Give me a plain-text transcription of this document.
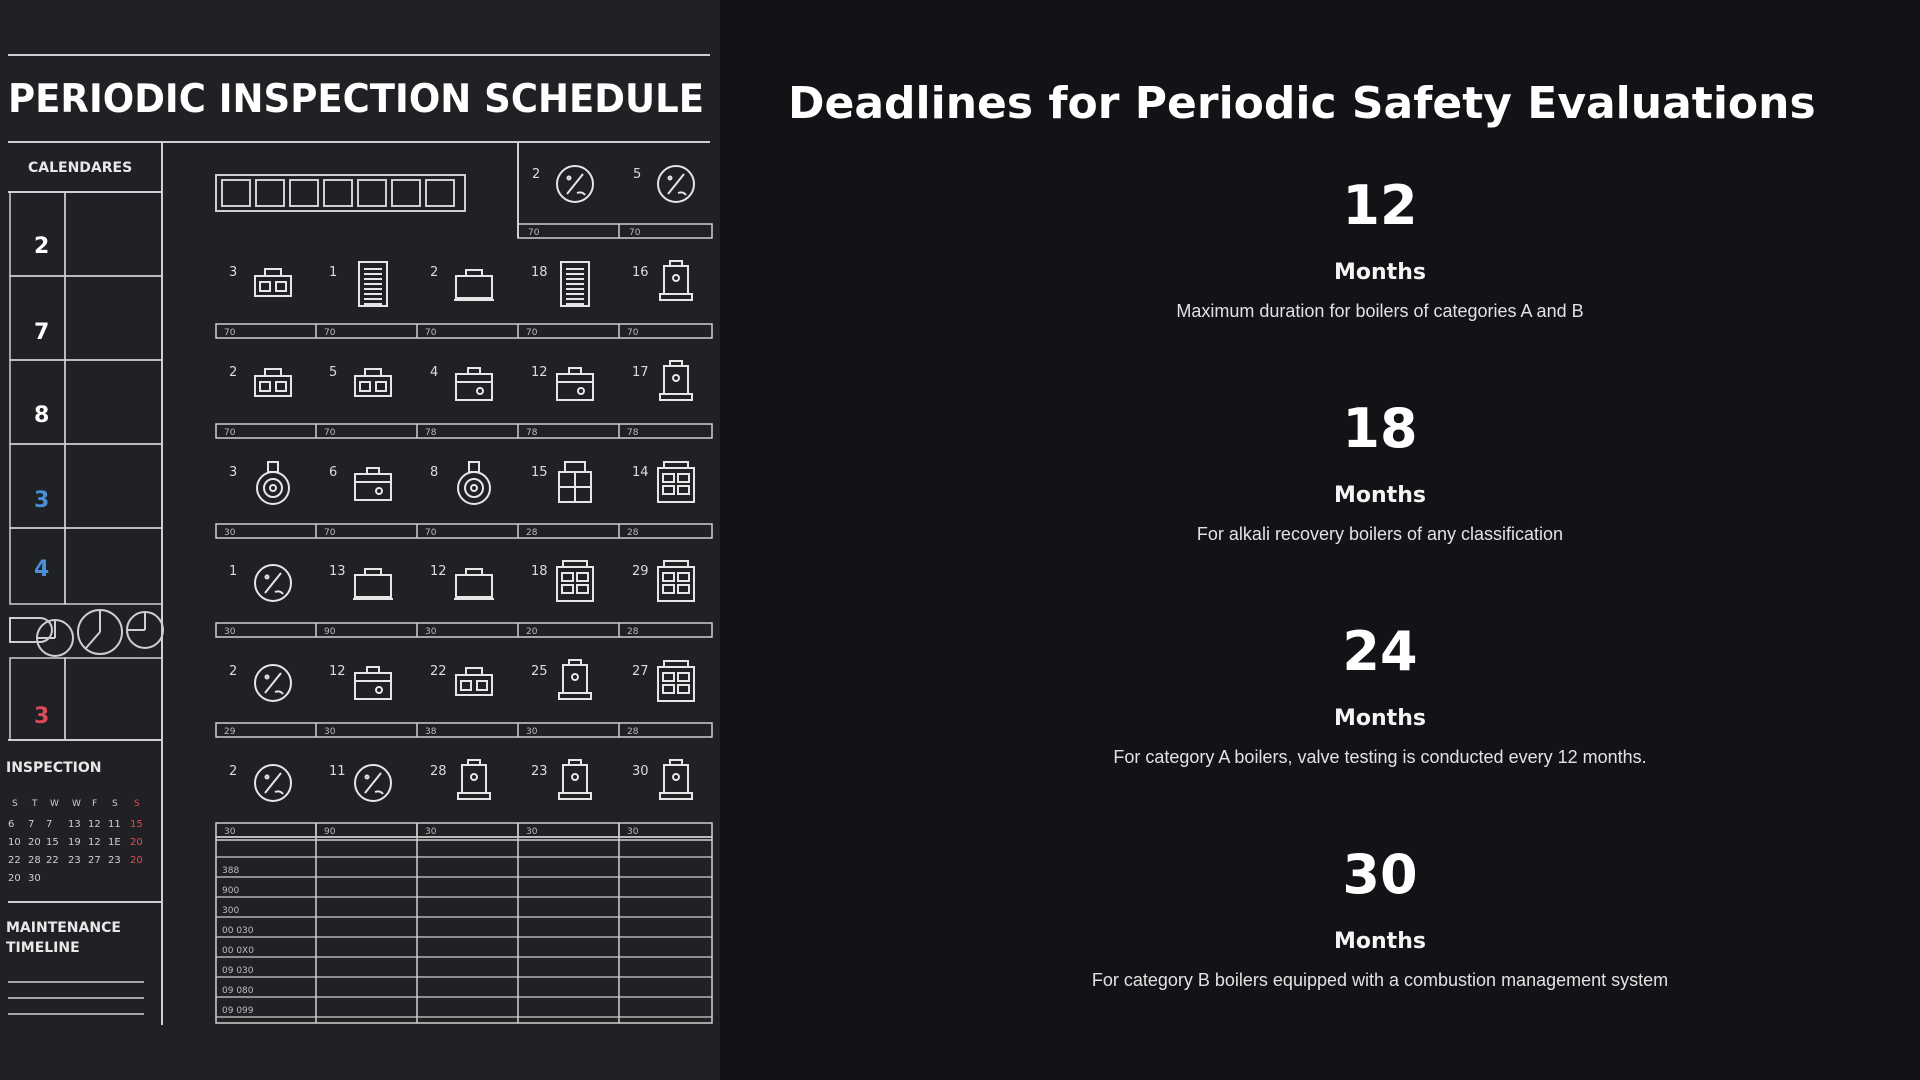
PERIODIC INSPECTION SCHEDULE
CALENDARES
2
7
8
3
4
3
INSPECTION
S T W W F S S
6 7 7 13 12 11 15
10 20 15 19 12 1E 20
22 28 22 23 27 23 20
20 30
MAINTENANCE
TIMELINE
2	5
70	70
3	1	2	18	16
70	70	70	70	70
2	5	4	12	17
70	70	78	78	78
3	6	8	15	14
30	70	70	28	28
1	13	12	18	29
30	90	30	20	28
2	12	22	25	27
29	30	38	30	28
2	11	28	23	30
30	90	30	30	30
388
900
300
00 030
00 0X0
09 030
09 080
09 099
Deadlines for Periodic Safety Evaluations
12
Months
Maximum duration for boilers of categories A and B
18
Months
For alkali recovery boilers of any classification
24
Months
For category A boilers, valve testing is conducted every 12 months.
30
Months
For category B boilers equipped with a combustion management system
